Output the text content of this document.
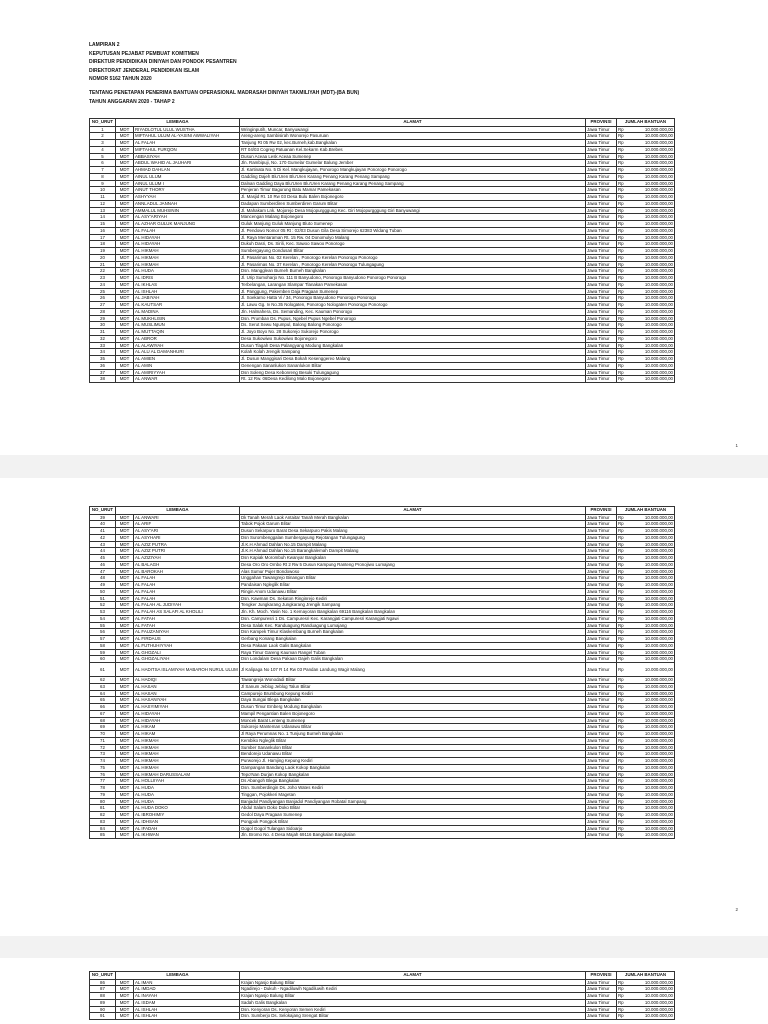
LAMPIRAN 2
KEPUTUSAN PEJABAT PEMBUAT KOMITMEN
DIREKTUR PENDIDIKAN DINIYAH DAN PONDOK PESANTREN
DIREKTORAT JENDERAL PENDIDIKAN ISLAM
NOMOR 5162 TAHUN 2020
TENTANG PENETAPAN PENERIMA BANTUAN OPERASIONAL MADRASAH DINIYAH TAKMILIYAH (MDT)-(BA BUN)
TAHUN ANGGARAN 2020 - TAHAP 2
NO_URUT	LEMBAGA		ALAMAT	PROVINSI	JUMLAH BANTUAN	
1	MDT	RIYADLOTUL ULUL WUSTHA	Wringinputih, Muncar, Banyuwangi	Jawa Timur	Rp	10.000.000,00
2	MDT	MIFTAHUL ULUM AL-YASINI AWWALIYAH	Areng-areng Sambisirah Wonorejo Pasuruan	Jawa Timur	Rp	10.000.000,00
3	MDT	AL FALAH	Tanjung Rt 05 Rw 02, kec.Burneh,kab.Bangkalan	Jawa Timur	Rp	10.000.000,00
4	MDT	MIFTAHUL FURQON	RT 04/03 Cogreg Patuanan Kel.Sekarm Kab.Brebes	Jawa Timur	Rp	10.000.000,00
5	MDT	ABBASIYAH	Dusun Aceaa Lesk Aceaa Sumenep	Jawa Timur	Rp	10.000.000,00
6	MDT	ABDUL WAHID AL JAUHARI	Jln. Rambipuji, No. 170 Gumelar Gumelar Balung Jember	Jawa Timur	Rp	10.000.000,00
7	MDT	AHMAD DAHLAN	Jl. Kartinata No. 5 Di Kel. Mangkujayan, Ponorogo Mangkujayan Ponorogo Ponorogo	Jawa Timur	Rp	10.000.000,00
8	MDT	AINUL ULUM	Gadding Dajeh Blu'Uren Blu'Uren Karang Penang Karang Penang Sampang	Jawa Timur	Rp	10.000.000,00
9	MDT	AINUL ULUM I	Dalnan Gadding Daya Blu'Uren Blu'Uren Karang Penang Karang Penang Sampang	Jawa Timur	Rp	10.000.000,00
10	MDT	AINUT THORY	Penjeran Timur Bagurung Batu Mamar Pamekasan	Jawa Timur	Rp	10.000.000,00
11	MDT	ASHYYAH	Jl. Masjid Rt. 10 Rw 03 Desa Bulu Balen Bojonegoro	Jawa Timur	Rp	10.000.000,00
12	MDT	ANNLADUL JANNAH	Dadapan Sumberdiren Sumberdiren Garum Blitar	Jawa Timur	Rp	10.000.000,00
13	MDT	AMMALUL MUHSININ	Jl. Mahakam Lnk. Mojorejo Desa Mojopurgggung Kec. Giri Mojopurgggung Giri Banyuwangi	Jawa Timur	Rp	10.000.000,00
14	MDT	AL ASY'ARIYAH	Mancengan Malang Bojonegoro	Jawa Timur	Rp	10.000.000,00
15	MDT	AL AZHAR GULUK MANJUNG	Guluk Manjung Guluk Manjung Bluto Sumenep	Jawa Timur	Rp	10.000.000,00
16	MDT	AL FALAH	Jl. Pendowo Nomor 05 Rt : 02/03 Dusun Gila Desa Simorejo 62383 Widang Tuban	Jawa Timur	Rp	10.000.000,00
17	MDT	AL HIDAYAH	Jl. Raya Mentaraman Rt. 15 Rw. 04 Donomulyo Malang	Jawa Timur	Rp	10.000.000,00
18	MDT	AL HIDAYAH	Dukuh Dasri, Ds. Sirili, Kec. Sawoo Sawoo Ponorogo	Jawa Timur	Rp	10.000.000,00
19	MDT	AL HIKMAH	Sumbergayung Gondusari Blitar	Jawa Timur	Rp	10.000.000,00
20	MDT	AL HIKMAH	Jl. Pasarimas No. 02 Kerelan , Ponorogo Kerelan Ponorogo Ponorogo	Jawa Timur	Rp	10.000.000,00
21	MDT	AL HIKMAH	Jl. Pasarimas No. 37 Kerelan , Ponorogo Kerelan Ponorogo Tulungagung	Jawa Timur	Rp	10.000.000,00
22	MDT	AL HUDA	Dsn. Mangglean Burneh Burneh Bangkalan	Jawa Timur	Rp	10.000.000,00
23	MDT	AL IDRIS	Jl. Urip Sumoharjo No. 111 B Banyudono, Ponorogo Banyudono Ponorogo Ponorogo	Jawa Timur	Rp	10.000.000,00
24	MDT	AL IKHLAS	Terbelangan, Larangan Slampar Tlanakan Pamekasan	Jawa Timur	Rp	10.000.000,00
25	MDT	AL ISHLAH	Jl. Panggung, Pakemben Daja Pragaan Sumenep	Jawa Timur	Rp	10.000.000,00
26	MDT	AL JABIYAH	Jl. Soekarno Hatta Vi / 34, Ponorogo Banyudono Ponorogo Ponorogo	Jawa Timur	Rp	10.000.000,00
27	MDT	AL KAUTSAR	Jl. Lawu Gg. Iv No.35 Nologaten, Ponorogo Nologaten Ponorogo Ponorogo	Jawa Timur	Rp	10.000.000,00
28	MDT	AL MADINA	Jln. Halmahera, Ds. Semanding, Kec. Kauman Ponorogo	Jawa Timur	Rp	10.000.000,00
29	MDT	AL MUKHLISIN	Dsn. Prumban Ds. Pupus, Ngebel Pupus Ngebel Ponorogo	Jawa Timur	Rp	10.000.000,00
30	MDT	AL MUSLIMUN	Ds. Serut Sewu Ngumpul, Balong Balong Ponorogo	Jawa Timur	Rp	10.000.000,00
31	MDT	AL MUTTAQIN	Jl. Joyo Boyo No. 28 Sukorejo Sukorejo Ponorogo	Jawa Timur	Rp	10.000.000,00
32	MDT	AL ABROR	Desa Sukowiwo Sukowiwo Bojonegoro	Jawa Timur	Rp	10.000.000,00
33	MDT	AL ALAWIYAH	Dusun Tlagah Desa Palangyang Modung Bangkalan	Jawa Timur	Rp	10.000.000,00
34	MDT	AL ALU AL DAMANHURI	Kolah Kolah Jrengik Sampang	Jawa Timur	Rp	10.000.000,00
35	MDT	AL AMIEN	Jl. Dusun Manggisari Desa Bokah Kesenggereo Malang	Jawa Timur	Rp	10.000.000,00
36	MDT	AL AMIN	Genengan Sananlukon Sananlukon Blitar	Jawa Timur	Rp	10.000.000,00
37	MDT	AL AMIRIYYAH	Dsn Soleng Desa Kebonreng Besuki Tulungagung	Jawa Timur	Rp	10.000.000,00
38	MDT	AL ANWAR	Rt. 12 Rw. 06Desa Kedilong Malo Bojonegoro	Jawa Timur	Rp	10.000.000,00
1
NO_URUT	LEMBAGA		ALAMAT	PROVINSI	JUMLAH BANTUAN	
39	MDT	AL ANWARI	Dk Tanah Merah Laok Antaitar Tanah Merah Bangkalan	Jawa Timur	Rp	10.000.000,00
40	MDT	AL ARIF	Tabok Pojok Garum Blitar	Jawa Timur	Rp	10.000.000,00
41	MDT	AL ASY'ARI	Dusun Sekarpuro Barat Desa Sekarpuro Pakis Malang	Jawa Timur	Rp	10.000.000,00
42	MDT	AL ASYHARI	Dsn Surombenggalan Sumbergayung Rejotangan Tulungagung	Jawa Timur	Rp	10.000.000,00
43	MDT	AL AZIZ PUTRA	Jl.K.H Ahmad Dahlan No.15 Dampit Malang	Jawa Timur	Rp	10.000.000,00
44	MDT	AL AZIZ PUTRI	Jl.K.H Ahmad Dahlan No.15 Barangkalemah Dampit Malang	Jawa Timur	Rp	10.000.000,00
45	MDT	AL AZIZIYAH	Dsn Kapiak Morombuh Kwanyar Bangkalan	Jawa Timur	Rp	10.000.000,00
46	MDT	AL BALAGH	Desa Oro Oro Ombo Rt 2 Rw 5 Dusun Kampung Ranteng Pronojiwo Lumajang	Jawa Timur	Rp	10.000.000,00
47	MDT	AL BAROKAH	Alas Sumur Pujer Bondowoso	Jawa Timur	Rp	10.000.000,00
48	MDT	AL FALAH	Unggahan Tawangrejo Binangun Blitar	Jawa Timur	Rp	10.000.000,00
49	MDT	AL FALAH	Pandaisan Ngleglik Blitar	Jawa Timur	Rp	10.000.000,00
50	MDT	AL FALAH	Ringin Anom Udanawu Blitar	Jawa Timur	Rp	10.000.000,00
51	MDT	AL FALAH	Dsn. Kawman Ds. Sekaton Ringinrejo Kediri	Jawa Timur	Rp	10.000.000,00
52	MDT	AL FALAH AL JUDIYAH	Tengker Jungkarang Jungkarang Jrengik Sampang	Jawa Timur	Rp	10.000.000,00
53	MDT	AL FALAH AS SALAFI AL KHOLILI	Jln. Kh. Moch. Yasin No. 1 Kemayoran Bangkalan 69116 Bangkalan Bangkalan	Jawa Timur	Rp	10.000.000,00
54	MDT	AL FATAH	Dsn. Campuresri 1 Ds. Campuresri Kec. Karangjati Campuresri Karangjati Ngawi	Jawa Timur	Rp	10.000.000,00
55	MDT	AL FATAH	Desa Salak Kec. Randuagung Randuagung Lumajang	Jawa Timur	Rp	10.000.000,00
56	MDT	AL FAUZANIYAH	Dsn Kampek Timur Klaskembang Burneh Bangkalan	Jawa Timur	Rp	10.000.000,00
57	MDT	AL FIRDAUS	Gerbang Konang Bangkalan	Jawa Timur	Rp	10.000.000,00
58	MDT	AL FUTHUHIYYAH	Desa Pakaan Laok Galis Bangkalan	Jawa Timur	Rp	10.000.000,00
59	MDT	AL GHOZALI	Raya Timur Gareng Kauman Rangel Tuban	Jawa Timur	Rp	10.000.000,00
60	MDT	AL GHOZALIYAH	Dsn Londalam Desa Pakaan Dajeh Galis Bangkalan	Jawa Timur	Rp	10.000.000,00
61	MDT	AL HADITSA ISLAMIYAH MABAROH NURUL ULUM	Jl Kalipaga No 107 R 14 Rw 03 Pandan Landung Wagir Malang	Jawa Timur	Rp	10.000.000,00
62	MDT	AL HADIQI	Tawangreja Wonodadi Blitar	Jawa Timur	Rp	10.000.000,00
63	MDT	AL HASAN	Jl Sanum Jeblog Jeblog Talun Blitar	Jawa Timur	Rp	10.000.000,00
64	MDT	AL HASAN	Campurejo Brumbung Kepung Kediri	Jawa Timur	Rp	10.000.000,00
65	MDT	AL HASANIYAH	Daya Sungai Blega Bangkalan	Jawa Timur	Rp	10.000.000,00
66	MDT	AL HASYIMIYAH	Dusun Timur Emberg Modung Bangkalan	Jawa Timur	Rp	10.000.000,00
67	MDT	AL HIDAYAH	Mampil Pengantian Balen Bojonegoro	Jawa Timur	Rp	10.000.000,00
68	MDT	AL HIDAYAH	Moncek Barat Lenteng Sumenep	Jawa Timur	Rp	10.000.000,00
69	MDT	AL HIKAM	Sukorejo Manteman Udanawu Blitar	Jawa Timur	Rp	10.000.000,00
70	MDT	AL HIKAM	Jl Raya Perumnas No. 1 Tunjung Burneh Bangkalan	Jawa Timur	Rp	10.000.000,00
71	MDT	AL HIKMAH	Kembiko Ngleglik Blitar	Jawa Timur	Rp	10.000.000,00
72	MDT	AL HIKMAH	Sumber Sanankulon Blitar	Jawa Timur	Rp	10.000.000,00
73	MDT	AL HIKMAH	Bendorejo Udanawu Blitar	Jawa Timur	Rp	10.000.000,00
74	MDT	AL HIKMAH	Purworejo Jl. Hamjing Kepung Kediri	Jawa Timur	Rp	10.000.000,00
75	MDT	AL HIKMAH	Gampangan Bandang Laok Kokop Bangkalan	Jawa Timur	Rp	10.000.000,00
76	MDT	AL HIKMAH DARUSSALAM	Tepo'Nan Durjan Kokop Bangkalan	Jawa Timur	Rp	10.000.000,00
77	MDT	AL HOLLIIYAH	Ds Abangoh Blega Bangkalan	Jawa Timur	Rp	10.000.000,00
78	MDT	AL HUDA	Dsn. Sumberdingin Ds. Joho Wates Kediri	Jawa Timur	Rp	10.000.000,00
79	MDT	AL HUDA	Tinggan, Pojokkeri Magetan	Jawa Timur	Rp	10.000.000,00
80	MDT	AL HUDA	Banjadol Pandiyangan Banjadol Pandiyangan Robatal Sampang	Jawa Timur	Rp	10.000.000,00
81	MDT	AL HUDA DOKO	Abdul Salam Doko Doko Blitar	Jawa Timur	Rp	10.000.000,00
82	MDT	AL IBROHIMIY	Gedol Daya Pragaan Sumenep	Jawa Timur	Rp	10.000.000,00
83	MDT	AL IDHSAN	Pongpok Pongpok Blitar	Jawa Timur	Rp	10.000.000,00
84	MDT	AL IFADAH	Gogol Gogol Tulangan Sidoarjo	Jawa Timur	Rp	10.000.000,00
85	MDT	AL IKHWAN	Jln. Bromo No. 4 Desa Majah 69116 Bangkalan Bangkalan	Jawa Timur	Rp	10.000.000,00
2
NO_URUT	LEMBAGA		ALAMAT	PROVINSI	JUMLAH BANTUAN	
86	MDT	AL IMAN	Krajan Ngasjo Balung Blitar	Jawa Timur	Rp	10.000.000,00
87	MDT	AL IMDAD	Ngadirejo - Dukuh - Ngadiluwih Ngadiluwih Kediri	Jawa Timur	Rp	10.000.000,00
88	MDT	AL INAYAH	Krajan Ngasjo Balung Blitar	Jawa Timur	Rp	10.000.000,00
89	MDT	AL ISDAM	Sadah Galis Bangkalan	Jawa Timur	Rp	10.000.000,00
90	MDT	AL ISHLAH	Dsn. Kenyoran Ds. Kenyoran Semen Kediri	Jawa Timur	Rp	10.000.000,00
91	MDT	AL ISHLAH	Dsn. Sumberjo Ds. Selokajang Srengat Blitar	Jawa Timur	Rp	10.000.000,00
